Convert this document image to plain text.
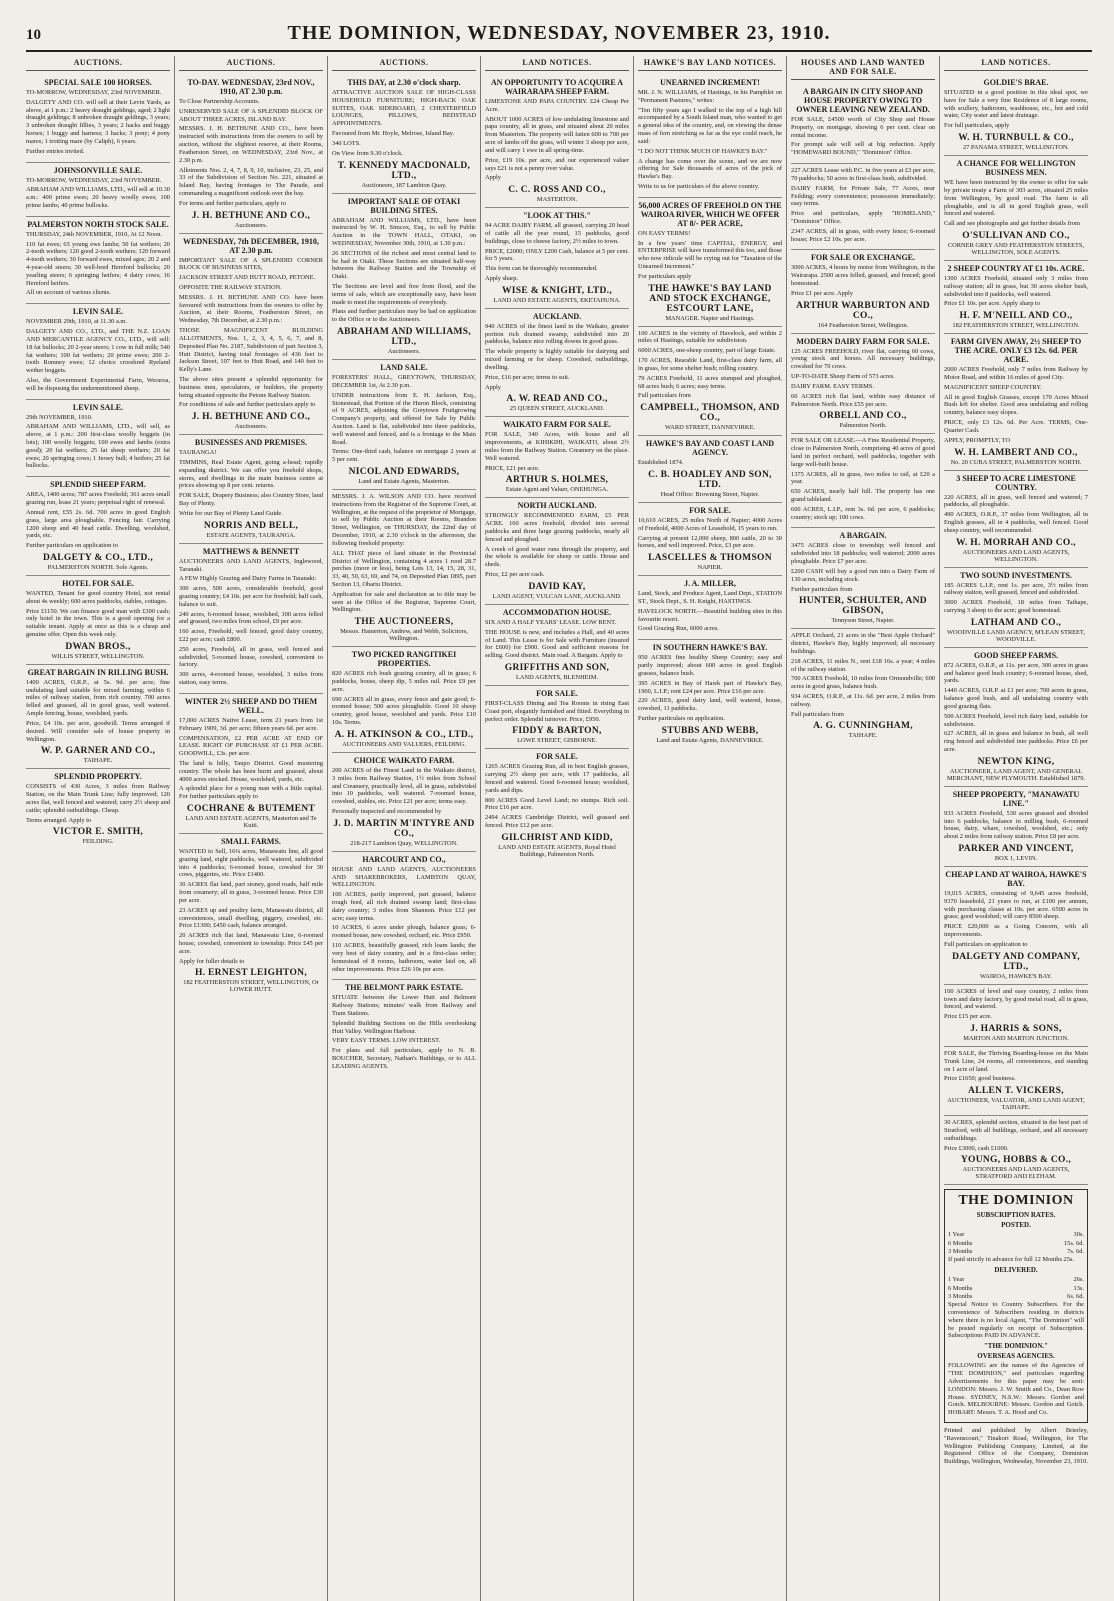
10	THE DOMINION, WEDNESDAY, NOVEMBER 23, 1910.
AUCTIONS.
SPECIAL SALE 100 HORSES.

TO-MORROW, WEDNESDAY, 23rd NOVEMBER.

DALGETY AND CO. will sell at their Levin Yards, as above, at 1 p.m.: 2 heavy draught geldings, aged; 2 light draught geldings; 8 unbroken draught geldings, 3 years; 3 unbroken draught fillies, 3 years; 2 hacks and buggy horses; 1 buggy and harness; 3 hacks; 3 pony; 4 pony mares; 1 trotting mare (by Caliph), 6 years.

Further entries invited.

JOHNSONVILLE SALE.

TO-MORROW, WEDNESDAY, 23rd NOVEMBER.

ABRAHAM AND WILLIAMS, LTD., will sell at 10.30 a.m.: 400 prime ewes; 20 heavy woolly ewes; 100 prime lambs; 40 prime bullocks.

PALMERSTON NORTH STOCK SALE.

THURSDAY, 24th NOVEMBER, 1910, At 12 Noon.

110 fat ewes; 65 young ewe lambs; 50 fat wethers; 20 2-tooth wethers; 120 good 2-tooth wethers; 120 forward 4-tooth wethers; 30 forward ewes, mixed ages; 20 2 and 4-year-old steers; 30 well-bred Hereford bullocks; 20 yearling steers; 6 springing heifers; 4 dairy cows; 16 Hereford heifers.

All on account of various clients.

LEVIN SALE.

NOVEMBER 29th, 1910, at 11.30 a.m.

DALGETY AND CO., LTD., and THE N.Z. LOAN AND MERCANTILE AGENCY CO., LTD., will sell: 18 fat bullocks; 20 2-year steers; 1 cow in full milk; 540 fat wethers; 100 fat wethers; 20 prime ewes; 200 2-tooth Romney ewes; 12 choice crossbred Ryeland wether hoggets.

Also, the Government Experimental Farm, Weraroa, will be disposing the undermentioned sheep.

LEVIN SALE.

29th NOVEMBER, 1910.

ABRAHAM AND WILLIAMS, LTD., will sell, as above, at 1 p.m.: 200 first-class woolly hoggets (in lots); 100 woolly hoggets; 100 ewes and lambs (extra good); 20 fat wethers; 25 fat sheep wethers; 20 fat ewes; 20 springing cows; 1 Jersey bull; 4 heifers; 25 fat bullocks.

SPLENDID SHEEP FARM.

AREA, 1400 acres; 787 acres Freehold; 361 acres small grazing run, lease 21 years; perpetual right of renewal.

Annual rent, £55 2s. 6d. 700 acres in good English grass, large area ploughable. Fencing fair. Carrying 1200 sheep and 40 head cattle. Dwelling, woolshed, yards, etc.

Further particulars on application to

DALGETY & CO., LTD.,

PALMERSTON NORTH. Sole Agents.

HOTEL FOR SALE.

WANTED, Tenant for good country Hotel, not rental about 4s weekly; 600 acres paddocks, stables, cottages.

Price £1150. We can finance good man with £300 cash; only hotel in the town. This is a good opening for a suitable tenant. Apply at once as this is a cheap and genuine offer. Open this week only.

DWAN BROS.,

WILLIS STREET, WELLINGTON.

GREAT BARGAIN IN RILLING BUSH.

1400 ACRES, O.R.P., at 5s. 9d. per acre; fine undulating land suitable for mixed farming; within 6 miles of railway station, from rich country. 700 acres felled and grassed, all in good grass, well watered. Ample fencing, house, woolshed, yards.

Price, £4 10s. per acre, goodwill. Terms arranged if desired. Will consider sale of house property in Wellington.

W. P. GARNER AND CO.,

TAIHAPE.

SPLENDID PROPERTY.

CONSISTS of 430 Acres, 3 miles from Railway Station, on the Main Trunk Line; fully improved; 120 acres flat, well fenced and watered; carry 2½ sheep and cattle; splendid outbuildings. Cheap.

Terms arranged. Apply to

VICTOR E. SMITH,

FEILDING.

AUCTIONS.
TO-DAY. WEDNESDAY, 23rd NOV., 1910, AT 2.30 p.m.

To Close Partnership Accounts.

UNRESERVED SALE OF A SPLENDID BLOCK OF ABOUT THREE ACRES, ISLAND BAY.

MESSRS. J. H. BETHUNE AND CO., have been instructed with instructions from the owners to sell by auction, without the slightest reserve, at their Rooms, Featherston Street, on WEDNESDAY, 23rd Nov., at 2.30 p.m.

Allotments Nos. 2, 4, 7, 8, 9, 10, inclusive, 23, 25, and 33 of the Subdivision of Section No. 221, situated at Island Bay, having frontages to The Parade, and commanding a magnificent outlook over the bay.

For terms and further particulars, apply to

J. H. BETHUNE AND CO.,

Auctioneers.

WEDNESDAY, 7th DECEMBER, 1910, AT 2.30 p.m.

IMPORTANT SALE OF A SPLENDID CORNER BLOCK OF BUSINESS SITES,

JACKSON STREET AND HUTT ROAD, PETONE.

OPPOSITE THE RAILWAY STATION.

MESSRS. J. H. BETHUNE AND CO. have been favoured with instructions from the owners to offer by Auction, at their Rooms, Featherston Street, on Wednesday, 7th December, at 2.30 p.m.:

THOSE MAGNIFICENT BUILDING ALLOTMENTS, Nos. 1, 2, 3, 4, 5, 6, 7, and 8, Deposited Plan No. 2187, Subdivision of part Section 3, Hutt District, having total frontages of 436 feet to Jackson Street, 107 feet to Hutt Road, and 140 feet to Kelly's Lane.

The above sites present a splendid opportunity for business men, speculators, or builders, the property being situated opposite the Petone Railway Station.

For conditions of sale and further particulars apply to

J. H. BETHUNE AND CO.,

Auctioneers.

BUSINESSES AND PREMISES.

TAURANGA!

TIMMINS, Real Estate Agent, going a-head; rapidly expanding district. We can offer you freehold shops, stores, and dwellings in the main business centre at prices showing up 8 per cent. returns.

FOR SALE, Drapery Business; also Country Store, land Bay of Plenty.

Write for our Bay of Plenty Land Guide.

NORRIS AND BELL,

ESTATE AGENTS, TAURANGA.

MATTHEWS & BENNETT

AUCTIONEERS AND LAND AGENTS, Inglewood, Taranaki.

A FEW Highly Grazing and Dairy Farms in Taranaki:

300 acres, 500 acres, considerable freehold, good grazing country; £4 10s. per acre for freehold; half cash, balance to suit.

240 acres, 6-roomed house, woolshed, 100 acres felled and grassed, two miles from school, £9 per acre.

160 acres, Freehold, well fenced, good dairy country, £22 per acre; cash £800.

250 acres, Freehold, all in grass, well fenced and subdivided, 5-roomed house, cowshed, convenient to factory.

300 acres, 4-roomed house, woolshed, 3 miles from station, easy terms.

WINTER 2½ SHEEP AND DO THEM WELL.

17,000 ACRES Native Lease, term 21 years from 1st February 1909, 3d. per acre; fifteen years 6d. per acre.

COMPENSATION, £2 PER ACRE AT END OF LEASE. RIGHT OF PURCHASE AT £1 PER ACRE. GOODWILL, £3s. per acre.

The land is hilly, Taupo District. Good mustering country. The whole has been burnt and grassed, about 4000 acres stocked. House, woolshed, yards, etc.

A splendid place for a young man with a little capital. For further particulars apply to

COCHRANE & BUTEMENT

LAND AND ESTATE AGENTS, Masterton and Te Kuiti.

SMALL FARMS.

WANTED to Sell, 16¼ acres, Manawatu line, all good grazing land, eight paddocks, well watered, subdivided into 4 paddocks; 6-roomed house, cowshed for 30 cows, piggeries, etc. Price £1400.

30 ACRES flat land, part stoney, good roads, half mile from creamery; all in grass, 3-roomed house. Price £30 per acre.

23 ACRES up and poultry farm, Manawatu district, all conveniences, small dwelling, piggery, cowshed, etc. Price £1300; £450 cash, balance arranged.

20 ACRES rich flat land, Manawatu Line, 6-roomed house, cowshed, convenient to township. Price £45 per acre.

Apply for fuller details to

H. ERNEST LEIGHTON,

182 FEATHERSTON STREET, WELLINGTON, Or LOWER HUTT.

AUCTIONS.
THIS DAY, at 2.30 o'clock sharp.

ATTRACTIVE AUCTION SALE OF HIGH-CLASS HOUSEHOLD FURNITURE; HIGH-BACK OAK SUITES, OAK SIDEBOARD, 2 CHESTERFIELD LOUNGES, PILLOWS, BEDSTEAD APPOINTMENTS.

Favoured from Mr. Hoyle, Melrose, Island Bay.

340 LOTS.

On View from 9.30 o'clock.

T. KENNEDY MACDONALD, LTD.,

Auctioneers, 187 Lambton Quay.

IMPORTANT SALE OF OTAKI BUILDING SITES.

ABRAHAM AND WILLIAMS, LTD., have been instructed by W. H. Simcox, Esq., to sell by Public Auction in the TOWN HALL, OTAKI, on WEDNESDAY, November 30th, 1910, at 1.30 p.m.:

26 SECTIONS of the richest and most central land to be had in Otaki. These Sections are situated half-way between the Railway Station and the Township of Otaki.

The Sections are level and free from flood, and the terms of sale, which are exceptionally easy, have been made to meet the requirements of everybody.

Plans and further particulars may be had on application to the Office or to the Auctioneers.

ABRAHAM AND WILLIAMS, LTD.,

Auctioneers.

LAND SALE.

FORESTERS' HALL, GREYTOWN, THURSDAY, DECEMBER 1st, At 2.30 p.m.

UNDER instructions from E. H. Jackson, Esq., Stonestead, that Portion of the Huron Block, consisting of 9 ACRES, adjoining the Greytown Fruitgrowing Company's property, and offered for Sale by Public Auction. Land is flat, subdivided into three paddocks, well watered and fenced, and is a frontage to the Main Road.

Terms: One-third cash, balance on mortgage 2 years at 5 per cent.

NICOL AND EDWARDS,

Land and Estate Agents, Masterton.

MESSRS. J. A. WILSON AND CO. have received instructions from the Registrar of the Supreme Court, at Wellington, at the request of the proprietor of Mortgage, to sell by Public Auction at their Rooms, Brandon Street, Wellington, on THURSDAY, the 22nd day of December, 1910, at 2.30 o'clock in the afternoon, the following freehold property:

ALL THAT piece of land situate in the Provincial District of Wellington, containing 4 acres 1 rood 28.7 perches (more or less), being Lots 13, 14, 15, 28, 31, 33, 40, 50, 63, 69, and 74, on Deposited Plan 1895, part Section 13, Ohariu District.

Application for sale and declaration as to title may be seen at the Office of the Registrar, Supreme Court, Wellington.

THE AUCTIONEERS,

Messrs. Hamerton, Andrew, and Webb, Solicitors, Wellington.

TWO PICKED RANGITIKEI PROPERTIES.

820 ACRES rich bush grazing country, all in grass; 6 paddocks, house, sheep dip, 5 miles rail. Price £9 per acre.

690 ACRES all in grass, every fence and gate good; 6-roomed house; 500 acres ploughable. Good 10 sheep country, good house, woolshed and yards. Price £10 10s. Terms.

A. H. ATKINSON & CO., LTD.,

AUCTIONEERS AND VALUERS, FEILDING.

CHOICE WAIKATO FARM.

200 ACRES of the Finest Land in the Waikato district, 3 miles from Railway Station, 1½ miles from School and Creamery, practically level, all in grass, subdivided into 10 paddocks, well watered. 7-roomed house, cowshed, stables, etc. Price £21 per acre; terms easy.

Personally inspected and recommended by

J. D. MARTIN M'INTYRE AND CO.,

218-217 Lambton Quay, WELLINGTON.

HARCOURT AND CO.,

HOUSE AND LAND AGENTS, AUCTIONEERS AND SHAREBROKERS, LAMBTON QUAY, WELLINGTON.

100 ACRES, partly improved, part grassed, balance rough feed, all rich drained swamp land; first-class dairy country; 3 miles from Shannon. Price £12 per acre; easy terms.

10 ACRES, 6 acres under plough, balance grass; 6-roomed house, new cowshed, orchard, etc. Price £950.

110 ACRES, beautifully grassed, rich loam lands; the very best of dairy country, and in a first-class order; homestead of 8 rooms, bathroom, water laid on, all other improvements. Price £26 10s per acre.

THE BELMONT PARK ESTATE.

SITUATE between the Lower Hutt and Belmont Railway Stations; minutes' walk from Railway and Tram Stations.

Splendid Building Sections on the Hills overlooking Hutt Valley. Wellington Harbour.

VERY EASY TERMS. LOW INTEREST.

For plans and full particulars, apply to N. B. BOUCHER, Secretary, Nathan's Buildings, or to ALL LEADING AGENTS.

LAND NOTICES.
AN OPPORTUNITY TO ACQUIRE A WAIRARAPA SHEEP FARM.

LIMESTONE AND PAPA COUNTRY. £24 Cheap Per Acre.

ABOUT 1000 ACRES of low undulating limestone and papa country, all in grass, and situated about 20 miles from Masterton. The property will fatten 600 to 700 per acre of lambs off the grass, will winter 3 sheep per acre, and will carry 1 ewe in all spring-time.

Price, £19 10s. per acre, and our experienced valuer says £21 is not a penny over value.

Apply

C. C. ROSS AND CO.,

MASTERTON.

"LOOK AT THIS."

94 ACRE DAIRY FARM, all grassed, carrying 20 head of cattle all the year round, 15 paddocks, good buildings, close to cheese factory, 2½ miles to town.

PRICE, £2000; ONLY £200 Cash, balance at 5 per cent. for 5 years.

This form can be thoroughly recommended.

Apply sharp.

WISE & KNIGHT, LTD.,

LAND AND ESTATE AGENTS, EKETAHUNA.

AUCKLAND.

940 ACRES of the finest land in the Waikato, greater portion rich drained swamp, subdivided into 20 paddocks, balance nice rolling downs in good grass.

The whole property is highly suitable for dairying and mixed farming or for sheep. Cowshed, outbuildings, dwelling.

Price, £16 per acre; terms to suit.

Apply

A. W. READ AND CO.,

25 QUEEN STREET, AUCKLAND.

WAIKATO FARM FOR SALE.

FOR SALE, 340 Acres, with house and all improvements, at KIHIKIHI, WAIKATO, about 2½ miles from the Railway Station. Creamery on the place. Well watered.

PRICE, £21 per acre.

ARTHUR S. HOLMES,

Estate Agent and Valuer, ONEHUNGA.

NORTH AUCKLAND.

STRONGLY RECOMMENDED FARM, £5 PER ACRE. 160 acres freehold, divided into several paddocks and three large grazing paddocks, nearly all fenced and ploughed.

A creek of good water runs through the property, and the whole is available for sheep or cattle. House and sheds.

Price, £2 per acre cash.

DAVID KAY,

LAND AGENT, VULCAN LANE, AUCKLAND.

ACCOMMODATION HOUSE.

SIX AND A HALF YEARS' LEASE. LOW RENT.

THE HOUSE is new, and includes a Hall, and 40 acres of Land. This Lease is for Sale with Furniture (insured for £600) for £900. Good and sufficient reasons for selling. Good district. Main road. A Bargain. Apply to

GRIFFITHS AND SON,

LAND AGENTS, BLENHEIM.

FOR SALE.

FIRST-CLASS Dining and Tea Rooms in rising East Coast port, elegantly furnished and fitted. Everything in perfect order. Splendid turnover. Price, £950.

FIDDY & BARTON,

LOWE STREET, GISBORNE.

FOR SALE.

1265 ACRES Grazing Run, all in best English grasses, carrying 2½ sheep per acre, with 17 paddocks, all fenced and watered. Good 6-roomed house; woolshed, yards and dips.

800 ACRES Good Level Land; no stumps. Rich soil. Price £16 per acre.

2494 ACRES Cambridge District, well grassed and fenced. Price £12 per acre.

GILCHRIST AND KIDD,

LAND AND ESTATE AGENTS, Royal Hotel Buildings, Palmerston North.

HAWKE'S BAY LAND NOTICES.
UNEARNED INCREMENT!

MR. J. N. WILLIAMS, of Hastings, in his Pamphlet on "Permanent Pastures," writes:

"Ten fifty years ago I walked to the top of a high hill accompanied by a South Island man, who wanted to get a general idea of the country, and, on viewing the dense mass of fern stretching as far as the eye could reach, he said:

"I DO NOT THINK MUCH OF HAWKE'S BAY."

A change has come over the scene, and we are now offering for Sale thousands of acres of the pick of Hawke's Bay.

Write to us for particulars of the above country.

56,000 ACRES OF FREEHOLD ON THE WAIROA RIVER, WHICH WE OFFER AT 8/- PER ACRE,

ON EASY TERMS!

In a few years' time CAPITAL, ENERGY, and ENTERPRISE will have transformed this too, and those who now ridicule will be crying out for "Taxation of the Unearned Increment."

For particulars apply

THE HAWKE'S BAY LAND AND STOCK EXCHANGE, ESTCOURT LANE,

MANAGER. Napier and Hastings.

100 ACRES in the vicinity of Havelock, and within 2 miles of Hastings, suitable for subdivision.

6000 ACRES, one-sheep country, part of large Estate.

170 ACRES, Rearable Land, first-class dairy farm, all in grass, for some shelter bush; rolling country.

79 ACRES Freehold, 11 acres stumped and ploughed, 68 acres bush; 6 acres; easy terms.

Full particulars from

CAMPBELL, THOMSON, AND CO.,

WARD STREET, DANNEVIRKE.

HAWKE'S BAY AND COAST LAND AGENCY.

Established 1874.

C. B. HOADLEY AND SON, LTD.

Head Office: Browning Street, Napier.

FOR SALE.

10,610 ACRES, 25 miles North of Napier; 4000 Acres of Freehold, 4000 Acres of Leasehold, 15 years to run.

Carrying at present 12,000 sheep, 800 cattle, 20 to 30 horses, and well improved. Price, £3 per acre.

LASCELLES & THOMSON

NAPIER.

J. A. MILLER,

Land, Stock, and Produce Agent, Land Dept., STATION ST., Stock Dept., S. H. Knight, HASTINGS.

HAVELOCK NORTH.—Beautiful building sites in this favourite resort.

Good Grazing Run, 6000 acres.

IN SOUTHERN HAWKE'S BAY.

950 ACRES fine healthy Sheep Country; easy and partly improved; about 600 acres in good English grasses, balance bush.

395 ACRES in Bay of Hawk part of Hawke's Bay, 1900, L.I.P.; rent £24 per acre. Price £16 per acre.

220 ACRES, good dairy land, well watered, house, cowshed, 11 paddocks.

Further particulars on application.

STUBBS AND WEBB,

Land and Estate Agents, DANNEVIRKE.

HOUSES AND LAND WANTED AND FOR SALE.
A BARGAIN IN CITY SHOP AND HOUSE PROPERTY OWING TO OWNER LEAVING NEW ZEALAND.

FOR SALE, £4500 worth of City Shop and House Property, on mortgage, showing 6 per cent. clear on rental income.

For prompt sale will sell at big reduction. Apply "HOMEWARD BOUND," "Dominion" Office.

227 ACRES Lease with P.C. in five years at £3 per acre, 70 paddocks; 50 acres in first-class bush, subdivided.

DAIRY FARM, for Private Sale, 77 Acres, near Feilding; every convenience; possession immediately; easy terms.

Price and particulars, apply "HOMELAND," "Dominion" Office.

2347 ACRES, all in grass, with every fence; 6-roomed house; Price £2 10s. per acre.

FOR SALE OR EXCHANGE.

3000 ACRES, 4 hours by motor from Wellington, in the Wairarapa. 2500 acres felled, grassed, and fenced; good homestead.

Price £1 per acre. Apply

ARTHUR WARBURTON AND CO.,

164 Featherston Street, Wellington.

MODERN DAIRY FARM FOR SALE.

125 ACRES FREEHOLD, river flat, carrying 60 cows, young stock and horses. All necessary buildings, cowshed for 70 cows.

UP-TO-DATE Sheep Farm of 573 acres.

DAIRY FARM. EASY TERMS.

60 ACRES rich flat land, within easy distance of Palmerston North. Price £55 per acre.

ORBELL AND CO.,

Palmerston North.

FOR SALE OR LEASE.—A Fine Residential Property, close to Palmerston North, comprising 40 acres of good land in perfect orchard, well paddocks, together with large well-built house.

1375 ACRES, all in grass, two miles to rail, at £20 a year.

650 ACRES, nearly half hill. The property has one grand tableland.

600 ACRES, L.I.P., rent 3s. 6d. per acre, 6 paddocks; country; stock up; 100 cows.

A BARGAIN.

3475 ACRES close to township; well fenced and subdivided into 18 paddocks; well watered; 2000 acres ploughable. Price £7 per acre.

£200 CASH will buy a good run into a Dairy Farm of 130 acres, including stock.

Further particulars from

HUNTER, SCHULTER, AND GIBSON,

Tennyson Street, Napier.

APPLE Orchard, 21 acres in the "Best Apple Orchard" district, Hawke's Bay, highly improved; all necessary buildings.

218 ACRES, 11 miles N., rent £18 16s. a year; 4 miles of the railway station.

700 ACRES Freehold, 10 miles from Ormondville; 600 acres in good grass, balance bush.

934 ACRES, O.R.P., at 11s. 6d. per acre, 2 miles from railway.

Full particulars from

A. G. CUNNINGHAM,

TAIHAPE.

LAND NOTICES.
GOLDIE'S BRAE.

SITUATED in a good position in this ideal spot, we have for Sale a very fine Residence of 8 large rooms, with scullery, bathroom, washhouse, etc., hot and cold water, City water and latest drainage.

For full particulars, apply

W. H. TURNBULL & CO.,

27 PANAMA STREET, WELLINGTON.

A CHANCE FOR WELLINGTON BUSINESS MEN.

WE have been instructed by the owner to offer for sale by private treaty a Farm of 303 acres, situated 25 miles from Wellington, by good road. The farm is all ploughable, and is all in good English grass, well fenced and watered.

Call and see photographs and get further details from

O'SULLIVAN AND CO.,

CORNER GREY AND FEATHERSTON STREETS, WELLINGTON, SOLE AGENTS.

2 SHEEP COUNTRY AT £1 10s. ACRE.

1300 ACRES Freehold, situated only 3 miles from railway station; all in grass, but 30 acres shelter bush, subdivided into 8 paddocks, well watered.

Price £1 10s. per acre. Apply sharp to

H. F. M'NEILL AND CO.,

182 FEATHERSTON STREET, WELLINGTON.

FARM GIVEN AWAY, 2½ SHEEP TO THE ACRE. ONLY £3 12s. 6d. PER ACRE.

2000 ACRES Freehold, only 7 miles from Railway by Motor Road, and within 16 miles of good City.

MAGNIFICENT SHEEP COUNTRY.

All in good English Grasses, except 170 Acres Mixed Bush left for shelter. Good area undulating and rolling country, balance easy slopes.

PRICE, only £3 12s. 6d. Per Acre. TERMS, One-Quarter Cash.

APPLY, PROMPTLY, TO

W. H. LAMBERT AND CO.,

No. 20 CUBA STREET, PALMERSTON NORTH.

3 SHEEP TO ACRE LIMESTONE COUNTRY.

220 ACRES, all in grass, well fenced and watered; 7 paddocks, all ploughable.

490 ACRES, O.R.P., 37 miles from Wellington, all in English grasses, all in 4 paddocks, well fenced. Good sheep country, well recommended.

W. H. MORRAH AND CO.,

AUCTIONEERS AND LAND AGENTS, WELLINGTON.

TWO SOUND INVESTMENTS.

185 ACRES L.I.P., rent 1s. per acre, 3½ miles from railway station, well grassed, fenced and subdivided.

3000 ACRES Freehold, 18 miles from Taihape, carrying 3 sheep to the acre; good homestead.

LATHAM AND CO.,

WOODVILLE LAND AGENCY, M'LEAN STREET, WOODVILLE.

GOOD SHEEP FARMS.

872 ACRES, O.R.P., at 11s. per acre, 300 acres in grass and balance good bush country; 6-roomed house, shed, yards.

1440 ACRES, O.R.P. at £1 per acre; 700 acres in grass, balance good bush, and all undulating country with good grazing flats.

500 ACRES Freehold, level rich dairy land, suitable for subdivision.

627 ACRES, all in grass and balance in bush, all well ring fenced and subdivided into paddocks. Price £6 per acre.

NEWTON KING,

AUCTIONEER, LAND AGENT, AND GENERAL MERCHANT, NEW PLYMOUTH. Established 1879.

SHEEP PROPERTY, "MANAWATU LINE."

933 ACRES Freehold, 530 acres grassed and divided into 6 paddocks, balance in milling bush, 6-roomed house, dairy, whare, cowshed, woolshed, etc.; only about 2 miles from railway station. Price £8 per acre.

PARKER AND VINCENT,

BOX 1, LEVIN.

CHEAP LAND AT WAIROA, HAWKE'S BAY.

19,015 ACRES, consisting of 9,645 acres freehold, 9370 leasehold, 21 years to run, at £100 per annum, with purchasing clause at 10s. per acre. 6500 acres in grass; good woolshed; will carry 8500 sheep.

PRICE £20,000 as a Going Concern, with all improvements.

Full particulars on application to

DALGETY AND COMPANY, LTD.,

WAIROA, HAWKE'S BAY.

100 ACRES of level and easy country, 2 miles from town and dairy factory, by good metal road, all in grass, fenced, and watered.

Price £15 per acre.

J. HARRIS & SONS,

MARTON AND MARTON JUNCTION.

FOR SALE, the Thriving Boarding-house on the Main Trunk Line, 24 rooms, all conveniences, and standing on 1 acre of land.

Price £1650; good business.

ALLEN T. VICKERS,

AUCTIONEER, VALUATOR, AND LAND AGENT, TAIHAPE.

30 ACRES, splendid section, situated in the best part of Stratford, with all buildings, orchard, and all necessary outbuildings.

Price £3000, cash £1000.

YOUNG, HOBBS & CO.,

AUCTIONEERS AND LAND AGENTS, STRATFORD AND ELTHAM.

THE DOMINION
SUBSCRIPTION RATES.
POSTED.
1 Year	30s.
6 Months	15s. 6d.
3 Months	7s. 6d.

If paid strictly in advance for full 12 Months 25s.

DELIVERED.
1 Year	26s.
6 Months	13s.
3 Months	6s. 6d.

Special Notice to Country Subscribers. For the convenience of Subscribers residing in districts where there is no local Agent, "The Dominion" will be posted regularly on receipt of Subscription. Subscriptions PAID IN ADVANCE.

"THE DOMINION."
OVERSEAS AGENCIES.

FOLLOWING are the names of the Agencies of "THE DOMINION," and particulars regarding Advertisements for this paper may be sent: LONDON: Messrs. J. W. Smith and Co., Dean Row House. SYDNEY, N.S.W.: Messrs. Gordon and Gotch. MELBOURNE: Messrs. Gordon and Gotch. HOBART: Messrs. T. A. Hood and Co.

Printed and published by Albert Brierley, "Ravenscourt," Tinakori Road, Wellington, for The Wellington Publishing Company, Limited, at the Registered Office of the Company, Dominion Buildings, Wellington, Wednesday, November 23, 1910.
